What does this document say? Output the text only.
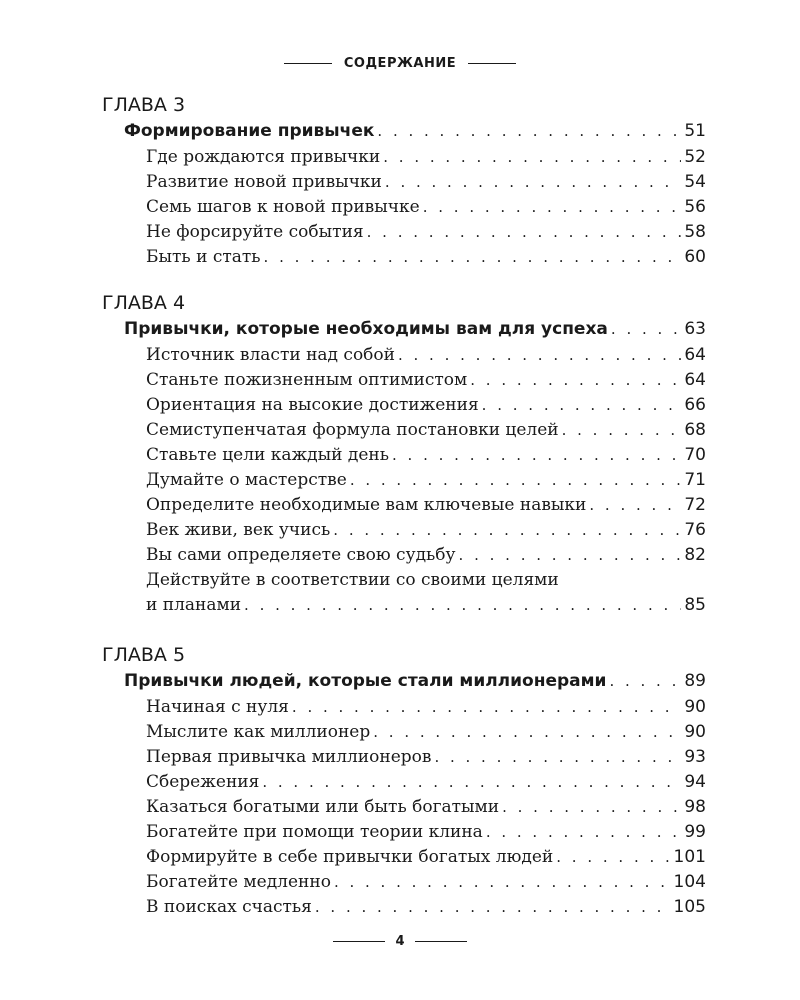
СОДЕРЖАНИЕ
ГЛАВА 3
Формирование привычек . . .	51
Где рождаются привычки . . .	52
Развитие новой привычки . . .	54
Семь шагов к новой привычке . . .	56
Не форсируйте события . . .	58
Быть и стать . . .	60
ГЛАВА 4
Привычки, которые необходимы вам для успеха . . .	63
Источник власти над собой . . .	64
Станьте пожизненным оптимистом . . .	64
Ориентация на высокие достижения . . .	66
Семиступенчатая формула постановки целей . . .	68
Ставьте цели каждый день . . .	70
Думайте о мастерстве . . .	71
Определите необходимые вам ключевые навыки . . .	72
Век живи, век учись . . .	76
Вы сами определяете свою судьбу . . .	82
Действуйте в соответствии со своими целями
и планами . . .	85
ГЛАВА 5
Привычки людей, которые стали миллионерами . . .	89
Начиная с нуля . . .	90
Мыслите как миллионер . . .	90
Первая привычка миллионеров . . .	93
Сбережения . . .	94
Казаться богатыми или быть богатыми . . .	98
Богатейте при помощи теории клина . . .	99
Формируйте в себе привычки богатых людей . . .	101
Богатейте медленно . . .	104
В поисках счастья . . .	105
4
